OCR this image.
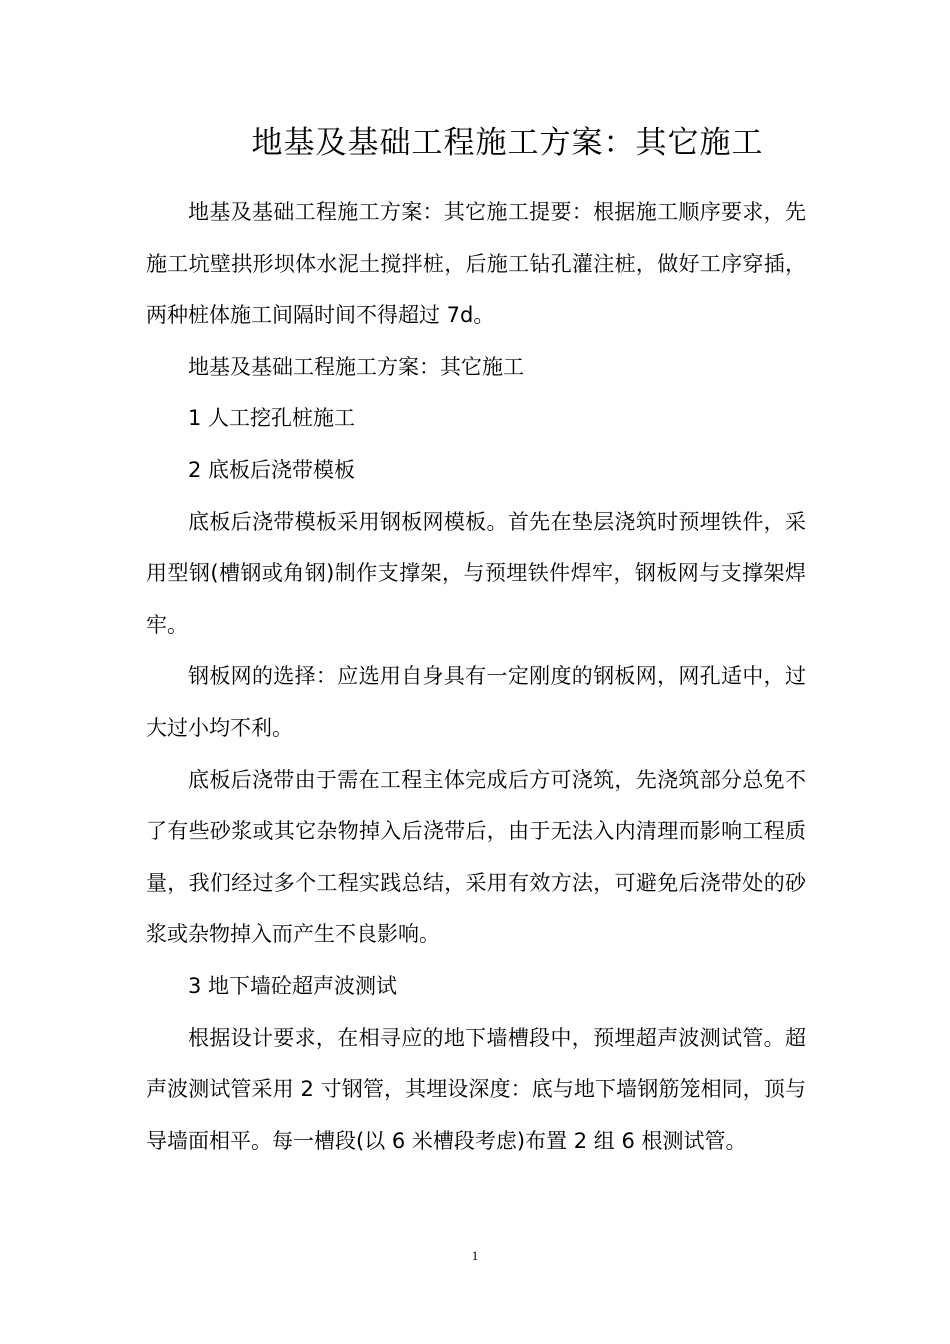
地基及基础工程施工方案：其它施工

地基及基础工程施工方案：其它施工提要：根据施工顺序要求，先施工坑壁拱形坝体水泥土搅拌桩，后施工钻孔灌注桩，做好工序穿插，两种桩体施工间隔时间不得超过 7d。

地基及基础工程施工方案：其它施工

1 人工挖孔桩施工

2 底板后浇带模板

底板后浇带模板采用钢板网模板。首先在垫层浇筑时预埋铁件，采用型钢(槽钢或角钢)制作支撑架，与预埋铁件焊牢，钢板网与支撑架焊牢。

钢板网的选择：应选用自身具有一定刚度的钢板网，网孔适中，过大过小均不利。

底板后浇带由于需在工程主体完成后方可浇筑，先浇筑部分总免不了有些砂浆或其它杂物掉入后浇带后，由于无法入内清理而影响工程质量，我们经过多个工程实践总结，采用有效方法，可避免后浇带处的砂浆或杂物掉入而产生不良影响。

3 地下墙砼超声波测试

根据设计要求，在相寻应的地下墙槽段中，预埋超声波测试管。超声波测试管采用 2 寸钢管，其埋设深度：底与地下墙钢筋笼相同，顶与导墙面相平。每一槽段(以 6 米槽段考虑)布置 2 组 6 根测试管。

1
